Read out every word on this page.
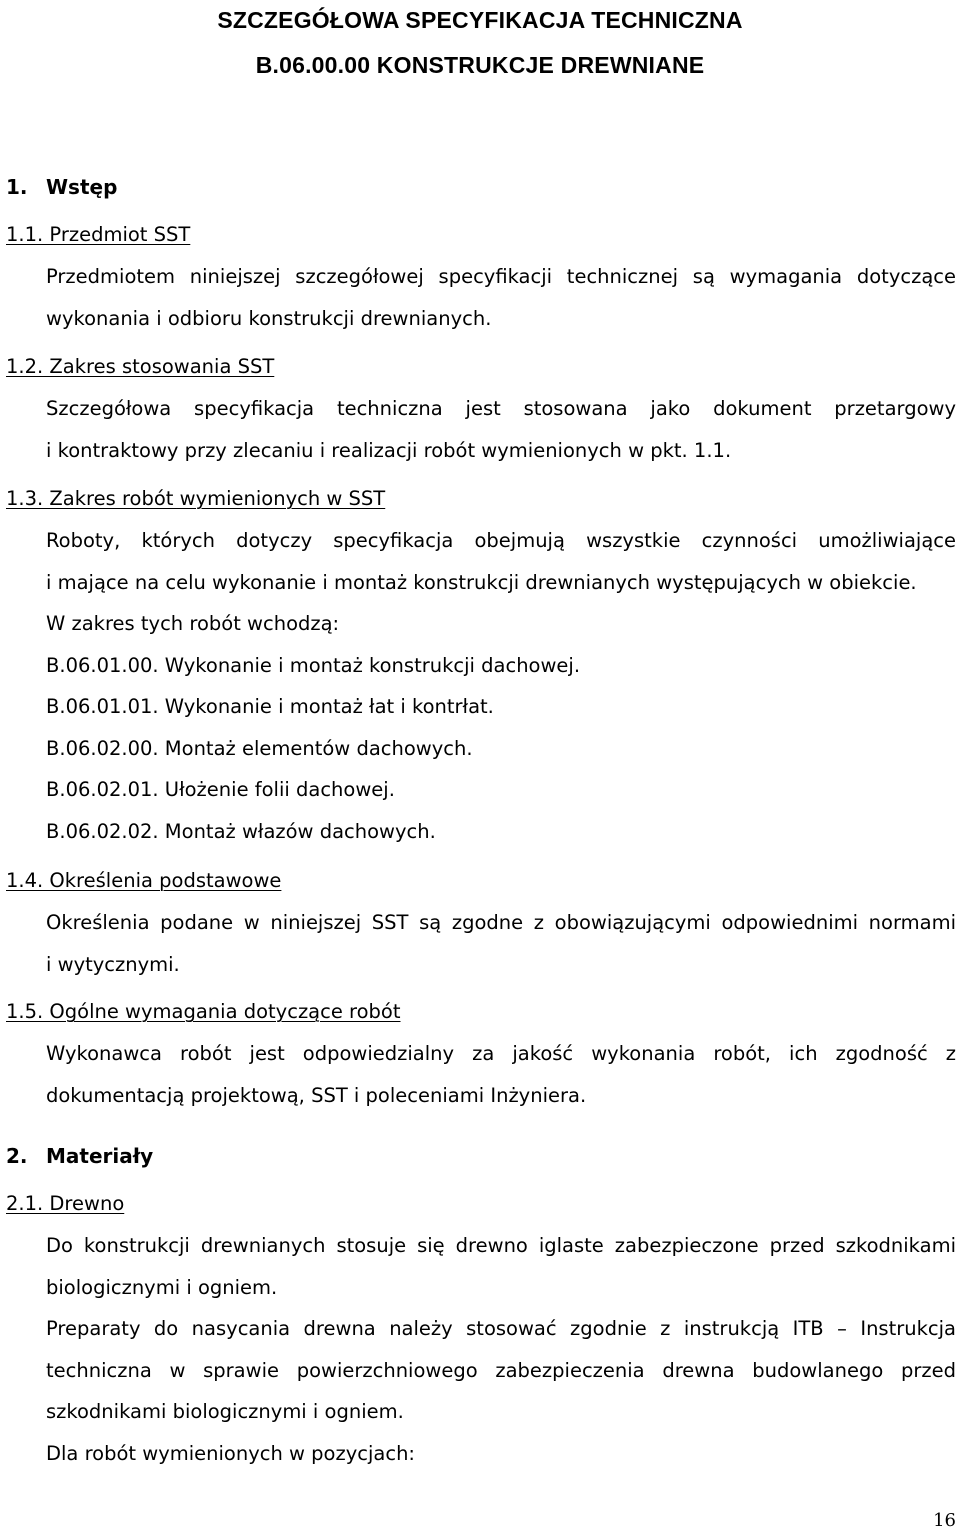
SZCZEGÓŁOWA SPECYFIKACJA TECHNICZNA
B.06.00.00 KONSTRUKCJE DREWNIANE
1. Wstęp
1.1. Przedmiot SST
Przedmiotem niniejszej szczegółowej specyfikacji technicznej są wymagania dotyczące
wykonania i odbioru konstrukcji drewnianych.
1.2. Zakres stosowania SST
Szczegółowa specyfikacja techniczna jest stosowana jako dokument przetargowy
i kontraktowy przy zlecaniu i realizacji robót wymienionych w pkt. 1.1.
1.3. Zakres robót wymienionych w SST
Roboty, których dotyczy specyfikacja obejmują wszystkie czynności umożliwiające
i mające na celu wykonanie i montaż konstrukcji drewnianych występujących w obiekcie.
W zakres tych robót wchodzą:
B.06.01.00. Wykonanie i montaż konstrukcji dachowej.
B.06.01.01. Wykonanie i montaż łat i kontrłat.
B.06.02.00. Montaż elementów dachowych.
B.06.02.01. Ułożenie folii dachowej.
B.06.02.02. Montaż włazów dachowych.
1.4. Określenia podstawowe
Określenia podane w niniejszej SST są zgodne z obowiązującymi odpowiednimi normami
i wytycznymi.
1.5. Ogólne wymagania dotyczące robót
Wykonawca robót jest odpowiedzialny za jakość wykonania robót, ich zgodność z
dokumentacją projektową, SST i poleceniami Inżyniera.
2. Materiały
2.1. Drewno
Do konstrukcji drewnianych stosuje się drewno iglaste zabezpieczone przed szkodnikami
biologicznymi i ogniem.
Preparaty do nasycania drewna należy stosować zgodnie z instrukcją ITB – Instrukcja
techniczna w sprawie powierzchniowego zabezpieczenia drewna budowlanego przed
szkodnikami biologicznymi i ogniem.
Dla robót wymienionych w pozycjach:
16
